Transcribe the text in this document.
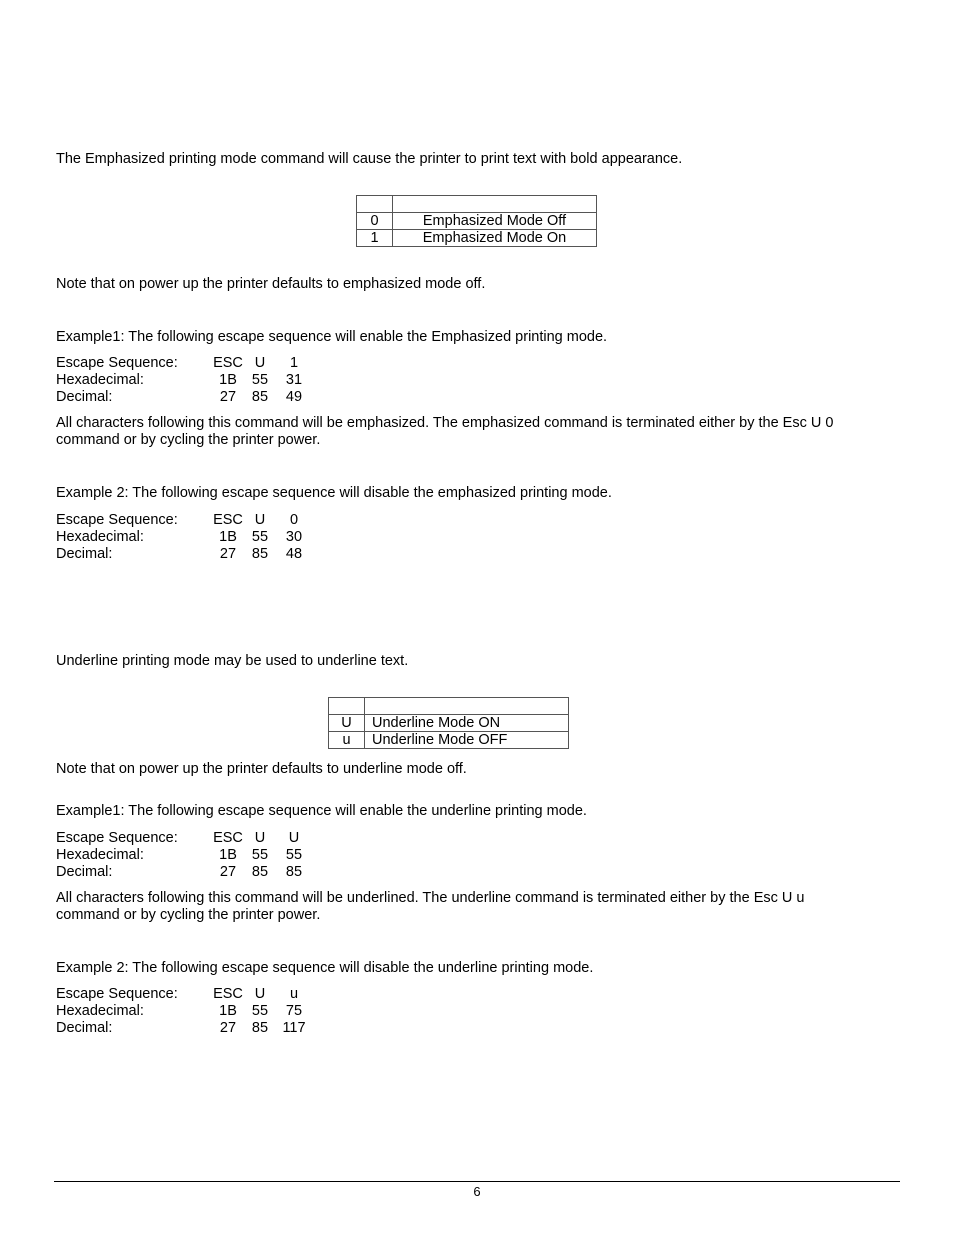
The Emphasized printing mode command will cause the printer to print text with bold appearance.

0	Emphasized Mode Off
1	Emphasized Mode On
Note that on power up the printer defaults to emphasized mode off.
Example1: The following escape sequence will enable the Emphasized printing mode.
Escape Sequence:	ESC U	1
Hexadecimal:	1B	55	31
Decimal:	27	85	49
All characters following this command will be emphasized. The emphasized command is terminated either by the Esc U 0 command or by cycling the printer power.
Example 2: The following escape sequence will disable the emphasized printing mode.
Escape Sequence:	ESC U	0
Hexadecimal:	1B	55	30
Decimal:	27	85	48
Underline printing mode may be used to underline text.

U	Underline Mode ON
u	Underline Mode OFF
Note that on power up the printer defaults to underline mode off.
Example1: The following escape sequence will enable the underline printing mode.
Escape Sequence:	ESC U	U
Hexadecimal:	1B	55	55
Decimal:	27	85	85
All characters following this command will be underlined. The underline command is terminated either by the Esc U u command or by cycling the printer power.
Example 2: The following escape sequence will disable the underline printing mode.
Escape Sequence:	ESC U	u
Hexadecimal:	1B	55	75
Decimal:	27	85 117
6
